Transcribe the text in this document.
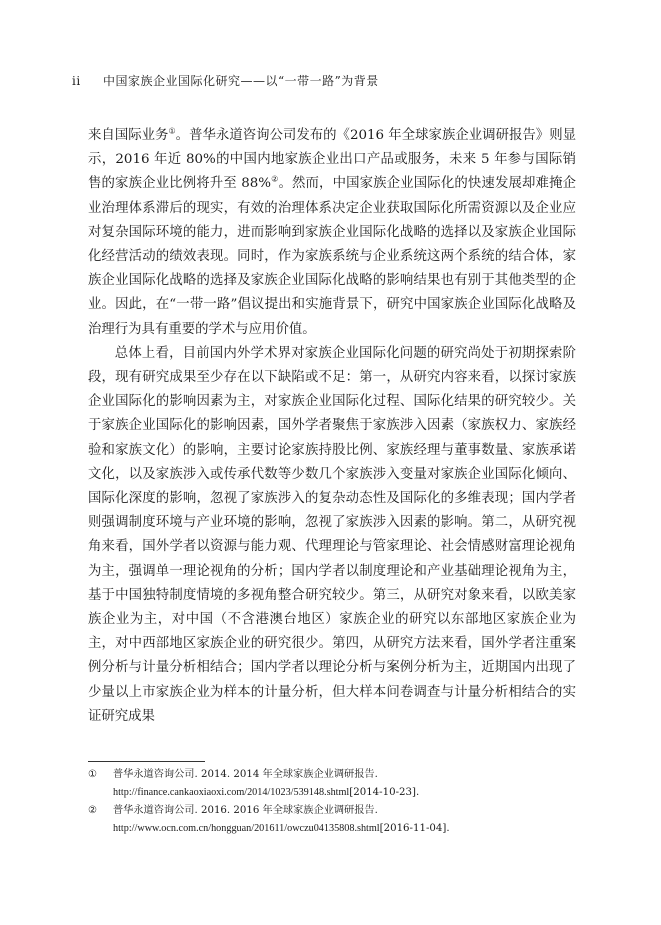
ii 中国家族企业国际化研究——以“一带一路”为背景

来自国际业务①。普华永道咨询公司发布的《2016 年全球家族企业调研报告》则显示，2016 年近 80%的中国内地家族企业出口产品或服务，未来 5 年参与国际销售的家族企业比例将升至 88%②。然而，中国家族企业国际化的快速发展却难掩企业治理体系滞后的现实，有效的治理体系决定企业获取国际化所需资源以及企业应对复杂国际环境的能力，进而影响到家族企业国际化战略的选择以及家族企业国际化经营活动的绩效表现。同时，作为家族系统与企业系统这两个系统的结合体，家族企业国际化战略的选择及家族企业国际化战略的影响结果也有别于其他类型的企业。因此，在“一带一路”倡议提出和实施背景下，研究中国家族企业国际化战略及治理行为具有重要的学术与应用价值。

总体上看，目前国内外学术界对家族企业国际化问题的研究尚处于初期探索阶段，现有研究成果至少存在以下缺陷或不足：第一，从研究内容来看，以探讨家族企业国际化的影响因素为主，对家族企业国际化过程、国际化结果的研究较少。关于家族企业国际化的影响因素，国外学者聚焦于家族涉入因素（家族权力、家族经验和家族文化）的影响，主要讨论家族持股比例、家族经理与董事数量、家族承诺文化，以及家族涉入或传承代数等少数几个家族涉入变量对家族企业国际化倾向、国际化深度的影响，忽视了家族涉入的复杂动态性及国际化的多维表现；国内学者则强调制度环境与产业环境的影响，忽视了家族涉入因素的影响。第二，从研究视角来看，国外学者以资源与能力观、代理理论与管家理论、社会情感财富理论视角为主，强调单一理论视角的分析；国内学者以制度理论和产业基础理论视角为主，基于中国独特制度情境的多视角整合研究较少。第三，从研究对象来看，以欧美家族企业为主，对中国（不含港澳台地区）家族企业的研究以东部地区家族企业为主，对中西部地区家族企业的研究很少。第四，从研究方法来看，国外学者注重案例分析与计量分析相结合；国内学者以理论分析与案例分析为主，近期国内出现了少量以上市家族企业为样本的计量分析，但大样本问卷调查与计量分析相结合的实证研究成果

① 普华永道咨询公司. 2014. 2014 年全球家族企业调研报告. http://finance.cankaoxiaoxi.com/2014/1023/539148.shtml[2014-10-23].

② 普华永道咨询公司. 2016. 2016 年全球家族企业调研报告. http://www.ocn.com.cn/hongguan/201611/owczu04135808.shtml[2016-11-04].
